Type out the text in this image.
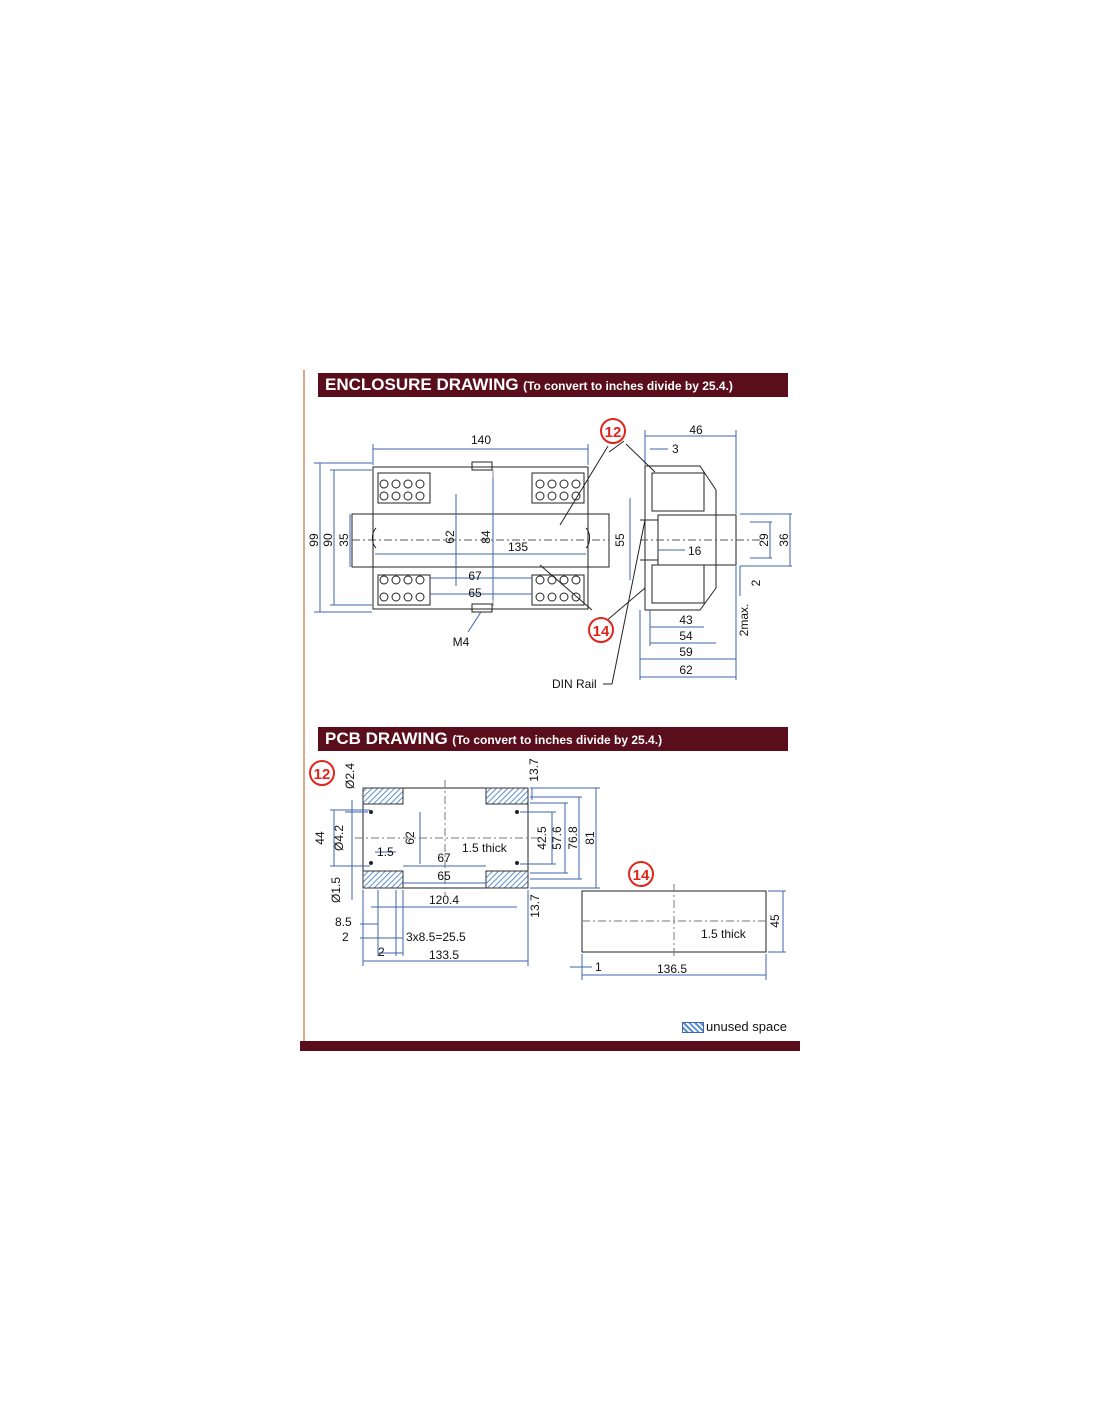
ENCLOSURE DRAWING (To convert to inches divide by 25.4.)
PCB DRAWING (To convert to inches divide by 25.4.)
12
14
140
99 90 35	62 84
135
67
65
M4
46
3
55
16
29 36
2
2max.
43
54
59
62
DIN Rail
12
14
Ø2.4	13.7
44 Ø4.2	62
1.5	67
1.5 thick 42.5 57.6 76.8 81
Ø1.5
65
120.4	13.7
8.5
2	3x8.5=25.5
2	133.5
45
1.5 thick
1	136.5
unused space
